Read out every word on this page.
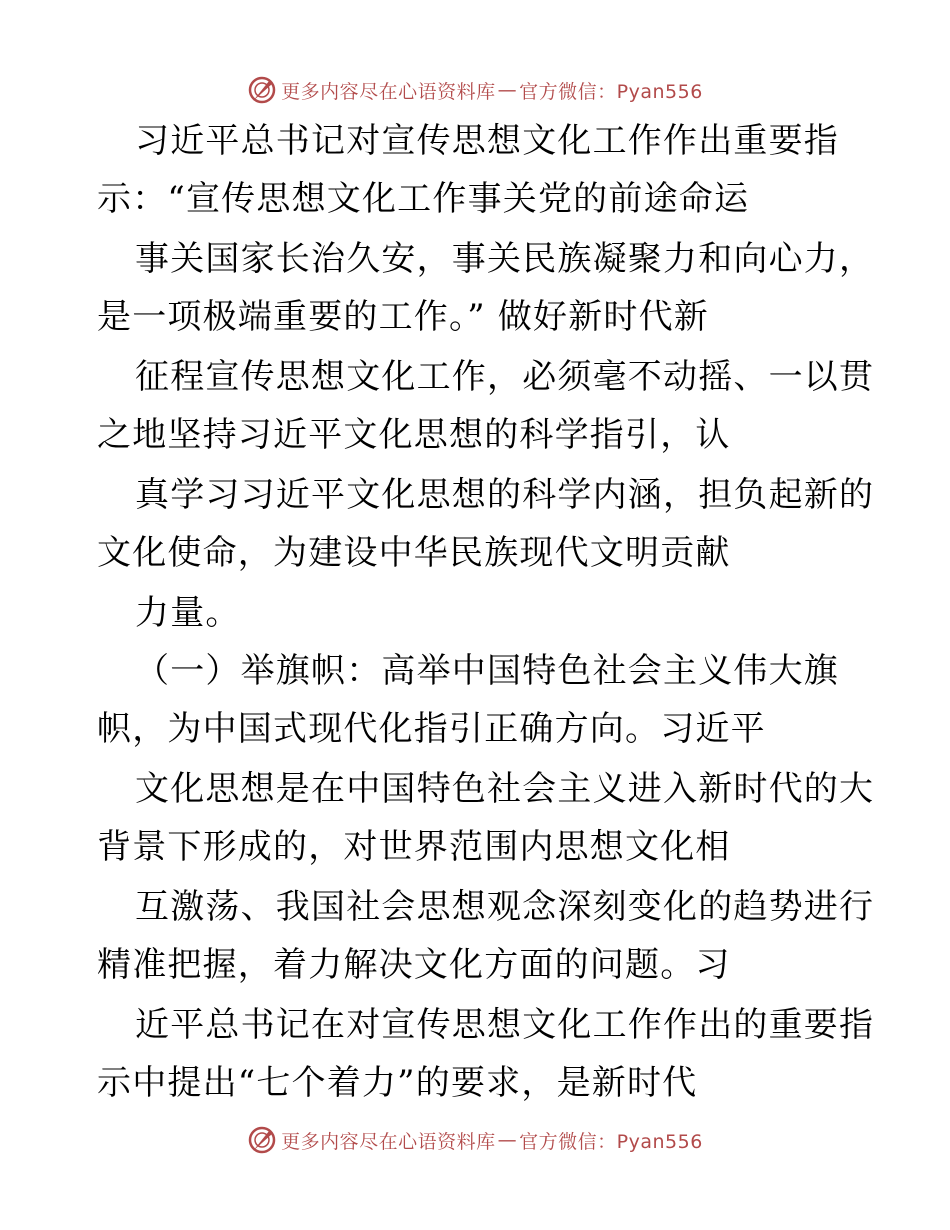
更多内容尽在心语资料库 — 官方微信：Pyan556
习近平总书记对宣传思想文化工作作出重要指
示：“宣传思想文化工作事关党的前途命运
事关国家长治久安，事关民族凝聚力和向心力，
是一项极端重要的工作。” 做好新时代新
征程宣传思想文化工作，必须毫不动摇、一以贯
之地坚持习近平文化思想的科学指引，认
真学习习近平文化思想的科学内涵，担负起新的
文化使命，为建设中华民族现代文明贡献
力量。
（一）举旗帜：高举中国特色社会主义伟大旗
帜，为中国式现代化指引正确方向。习近平
文化思想是在中国特色社会主义进入新时代的大
背景下形成的，对世界范围内思想文化相
互激荡、我国社会思想观念深刻变化的趋势进行
精准把握，着力解决文化方面的问题。习
近平总书记在对宣传思想文化工作作出的重要指
示中提出“七个着力”的要求，是新时代
更多内容尽在心语资料库 — 官方微信：Pyan556
